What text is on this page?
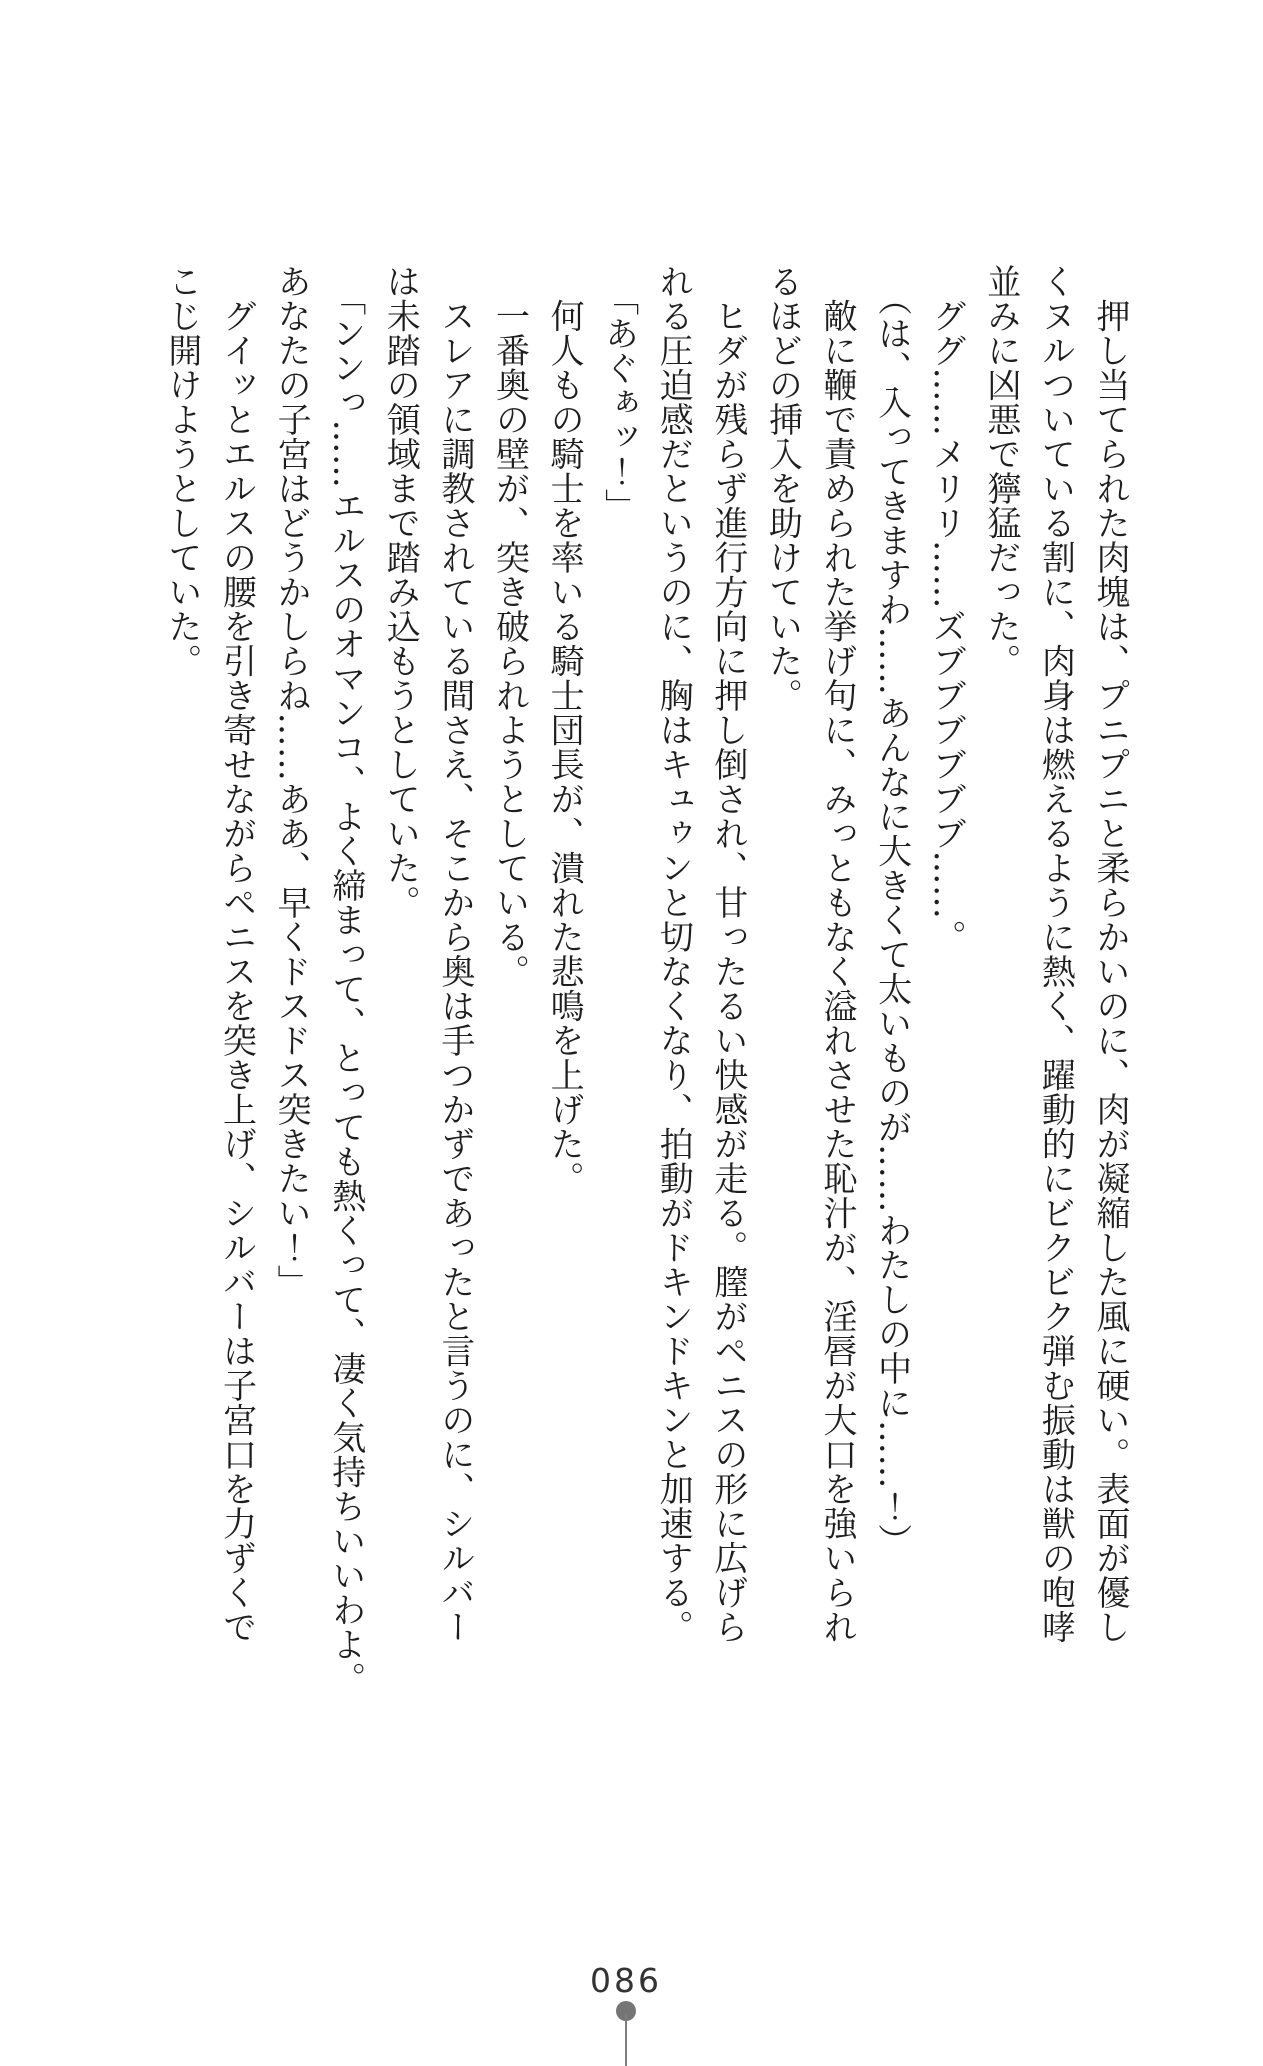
　押し当てられた肉塊は、プニプニと柔らかいのに、肉が凝縮した風に硬い。表面が優し

くヌルついている割に、肉身は燃えるように熱く、躍動的にビクビク弾む振動は獣の咆哮

並みに凶悪で獰猛だった。

　ググ……メリリ……ズブブブブブブ……。

　（は、入ってきますわ……あんなに大きくて太いものが……わたしの中に……！）

　敵に鞭で責められた挙げ句に、みっともなく溢れさせた恥汁が、淫唇が大口を強いられ

るほどの挿入を助けていた。

　ヒダが残らず進行方向に押し倒され、甘ったるい快感が走る。膣がペニスの形に広げら

れる圧迫感だというのに、胸はキュゥンと切なくなり、拍動がドキンドキンと加速する。

　「あぐぁッ！」

　何人もの騎士を率いる騎士団長が、潰れた悲鳴を上げた。

　一番奥の壁が、突き破られようとしている。

　スレアに調教されている間さえ、そこから奥は手つかずであったと言うのに、シルバー

は未踏の領域まで踏み込もうとしていた。

　「ンンっ……エルスのオマンコ、よく締まって、とっても熱くって、凄く気持ちいいわよ。

あなたの子宮はどうかしらね……ああ、早くドスドス突きたい！」

　グイッとエルスの腰を引き寄せながらペニスを突き上げ、シルバーは子宮口を力ずくで

こじ開けようとしていた。

086
